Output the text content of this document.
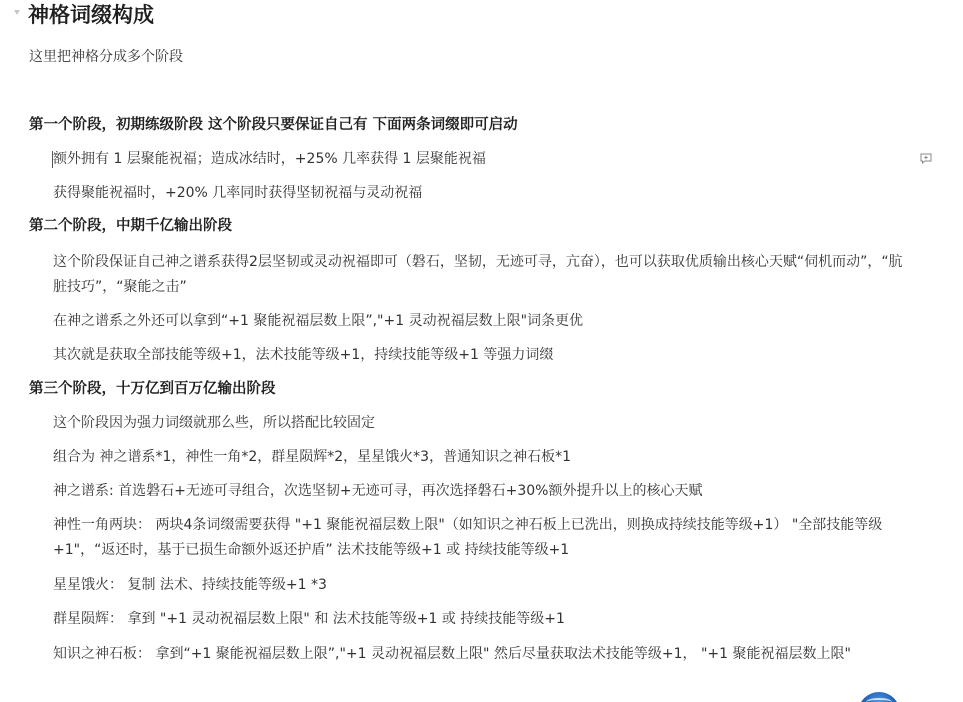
神格词缀构成
这里把神格分成多个阶段
第一个阶段，初期练级阶段 这个阶段只要保证自己有 下面两条词缀即可启动
额外拥有 1 层聚能祝福；造成冰结时，+25% 几率获得 1 层聚能祝福
获得聚能祝福时，+20% 几率同时获得坚韧祝福与灵动祝福
第二个阶段，中期千亿输出阶段
这个阶段保证自己神之谱系获得2层坚韧或灵动祝福即可（磐石，坚韧，无迹可寻，亢奋），也可以获取优质输出核心天赋“伺机而动”，“肮脏技巧”，“聚能之击”
在神之谱系之外还可以拿到“+1 聚能祝福层数上限”,"+1 灵动祝福层数上限"词条更优
其次就是获取全部技能等级+1，法术技能等级+1，持续技能等级+1 等强力词缀
第三个阶段，十万亿到百万亿输出阶段
这个阶段因为强力词缀就那么些，所以搭配比较固定
组合为 神之谱系*1，神性一角*2，群星陨辉*2，星星饿火*3，普通知识之神石板*1
神之谱系: 首选磐石+无迹可寻组合，次选坚韧+无迹可寻，再次选择磐石+30%额外提升以上的核心天赋
神性一角两块： 两块4条词缀需要获得 "+1 聚能祝福层数上限"（如知识之神石板上已洗出，则换成持续技能等级+1） "全部技能等级+1"，“返还时，基于已损生命额外返还护盾” 法术技能等级+1 或 持续技能等级+1
星星饿火： 复制 法术、持续技能等级+1 *3
群星陨辉： 拿到 "+1 灵动祝福层数上限" 和 法术技能等级+1 或 持续技能等级+1
知识之神石板： 拿到“+1 聚能祝福层数上限”,"+1 灵动祝福层数上限" 然后尽量获取法术技能等级+1， "+1 聚能祝福层数上限"
